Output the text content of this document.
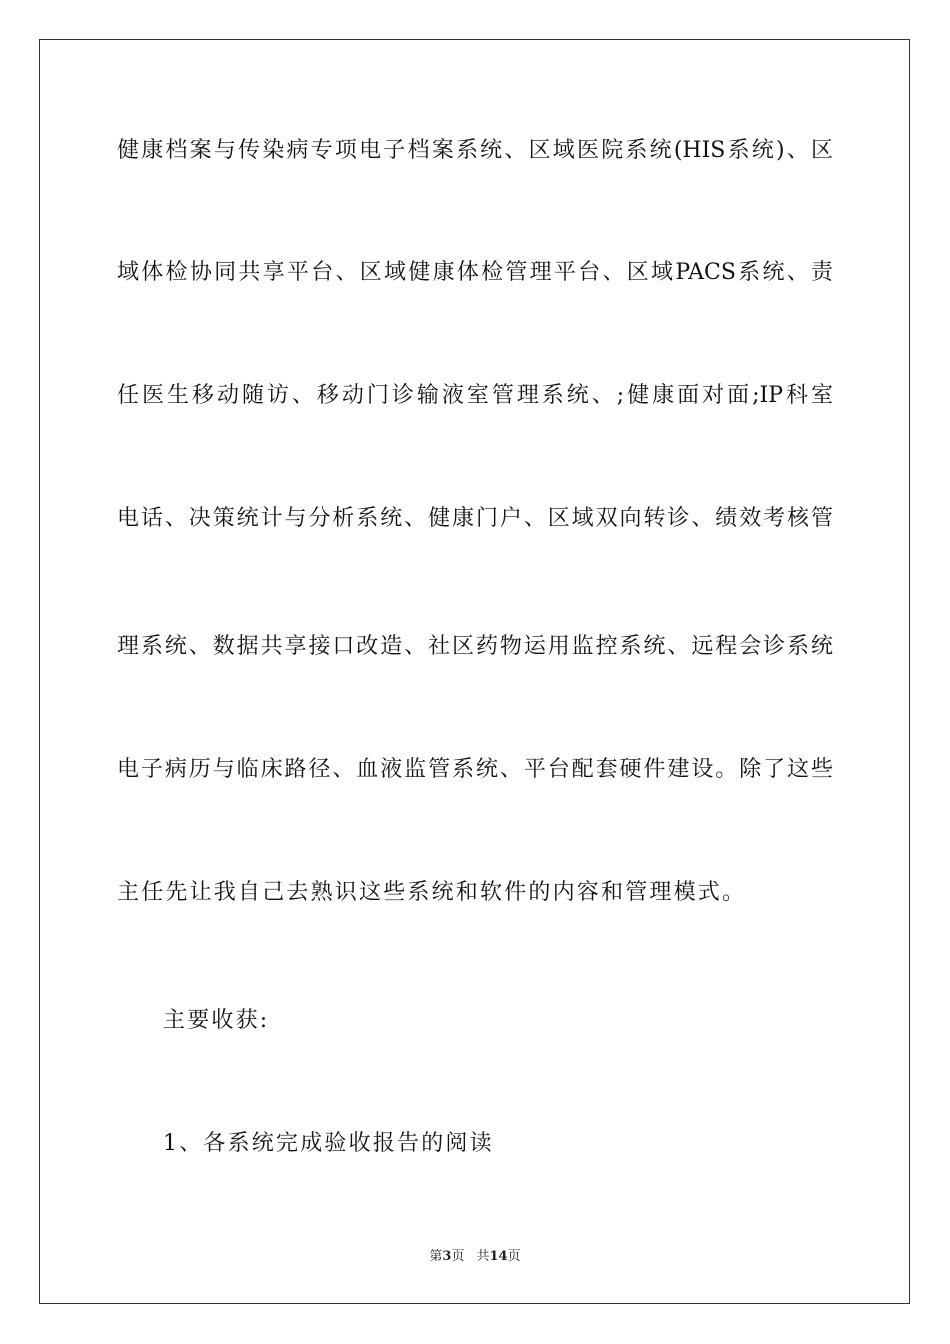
健康档案与传染病专项电子档案系统、区域医院系统(HIS系统)、区
域体检协同共享平台、区域健康体检管理平台、区域PACS系统、责
任医生移动随访、移动门诊输液室管理系统、;健康面对面;IP科室
电话、决策统计与分析系统、健康门户、区域双向转诊、绩效考核管
理系统、数据共享接口改造、社区药物运用监控系统、远程会诊系统
电子病历与临床路径、血液监管系统、平台配套硬件建设。除了这些
主任先让我自己去熟识这些系统和软件的内容和管理模式。
主要收获:
1、各系统完成验收报告的阅读
第3页 共14页
